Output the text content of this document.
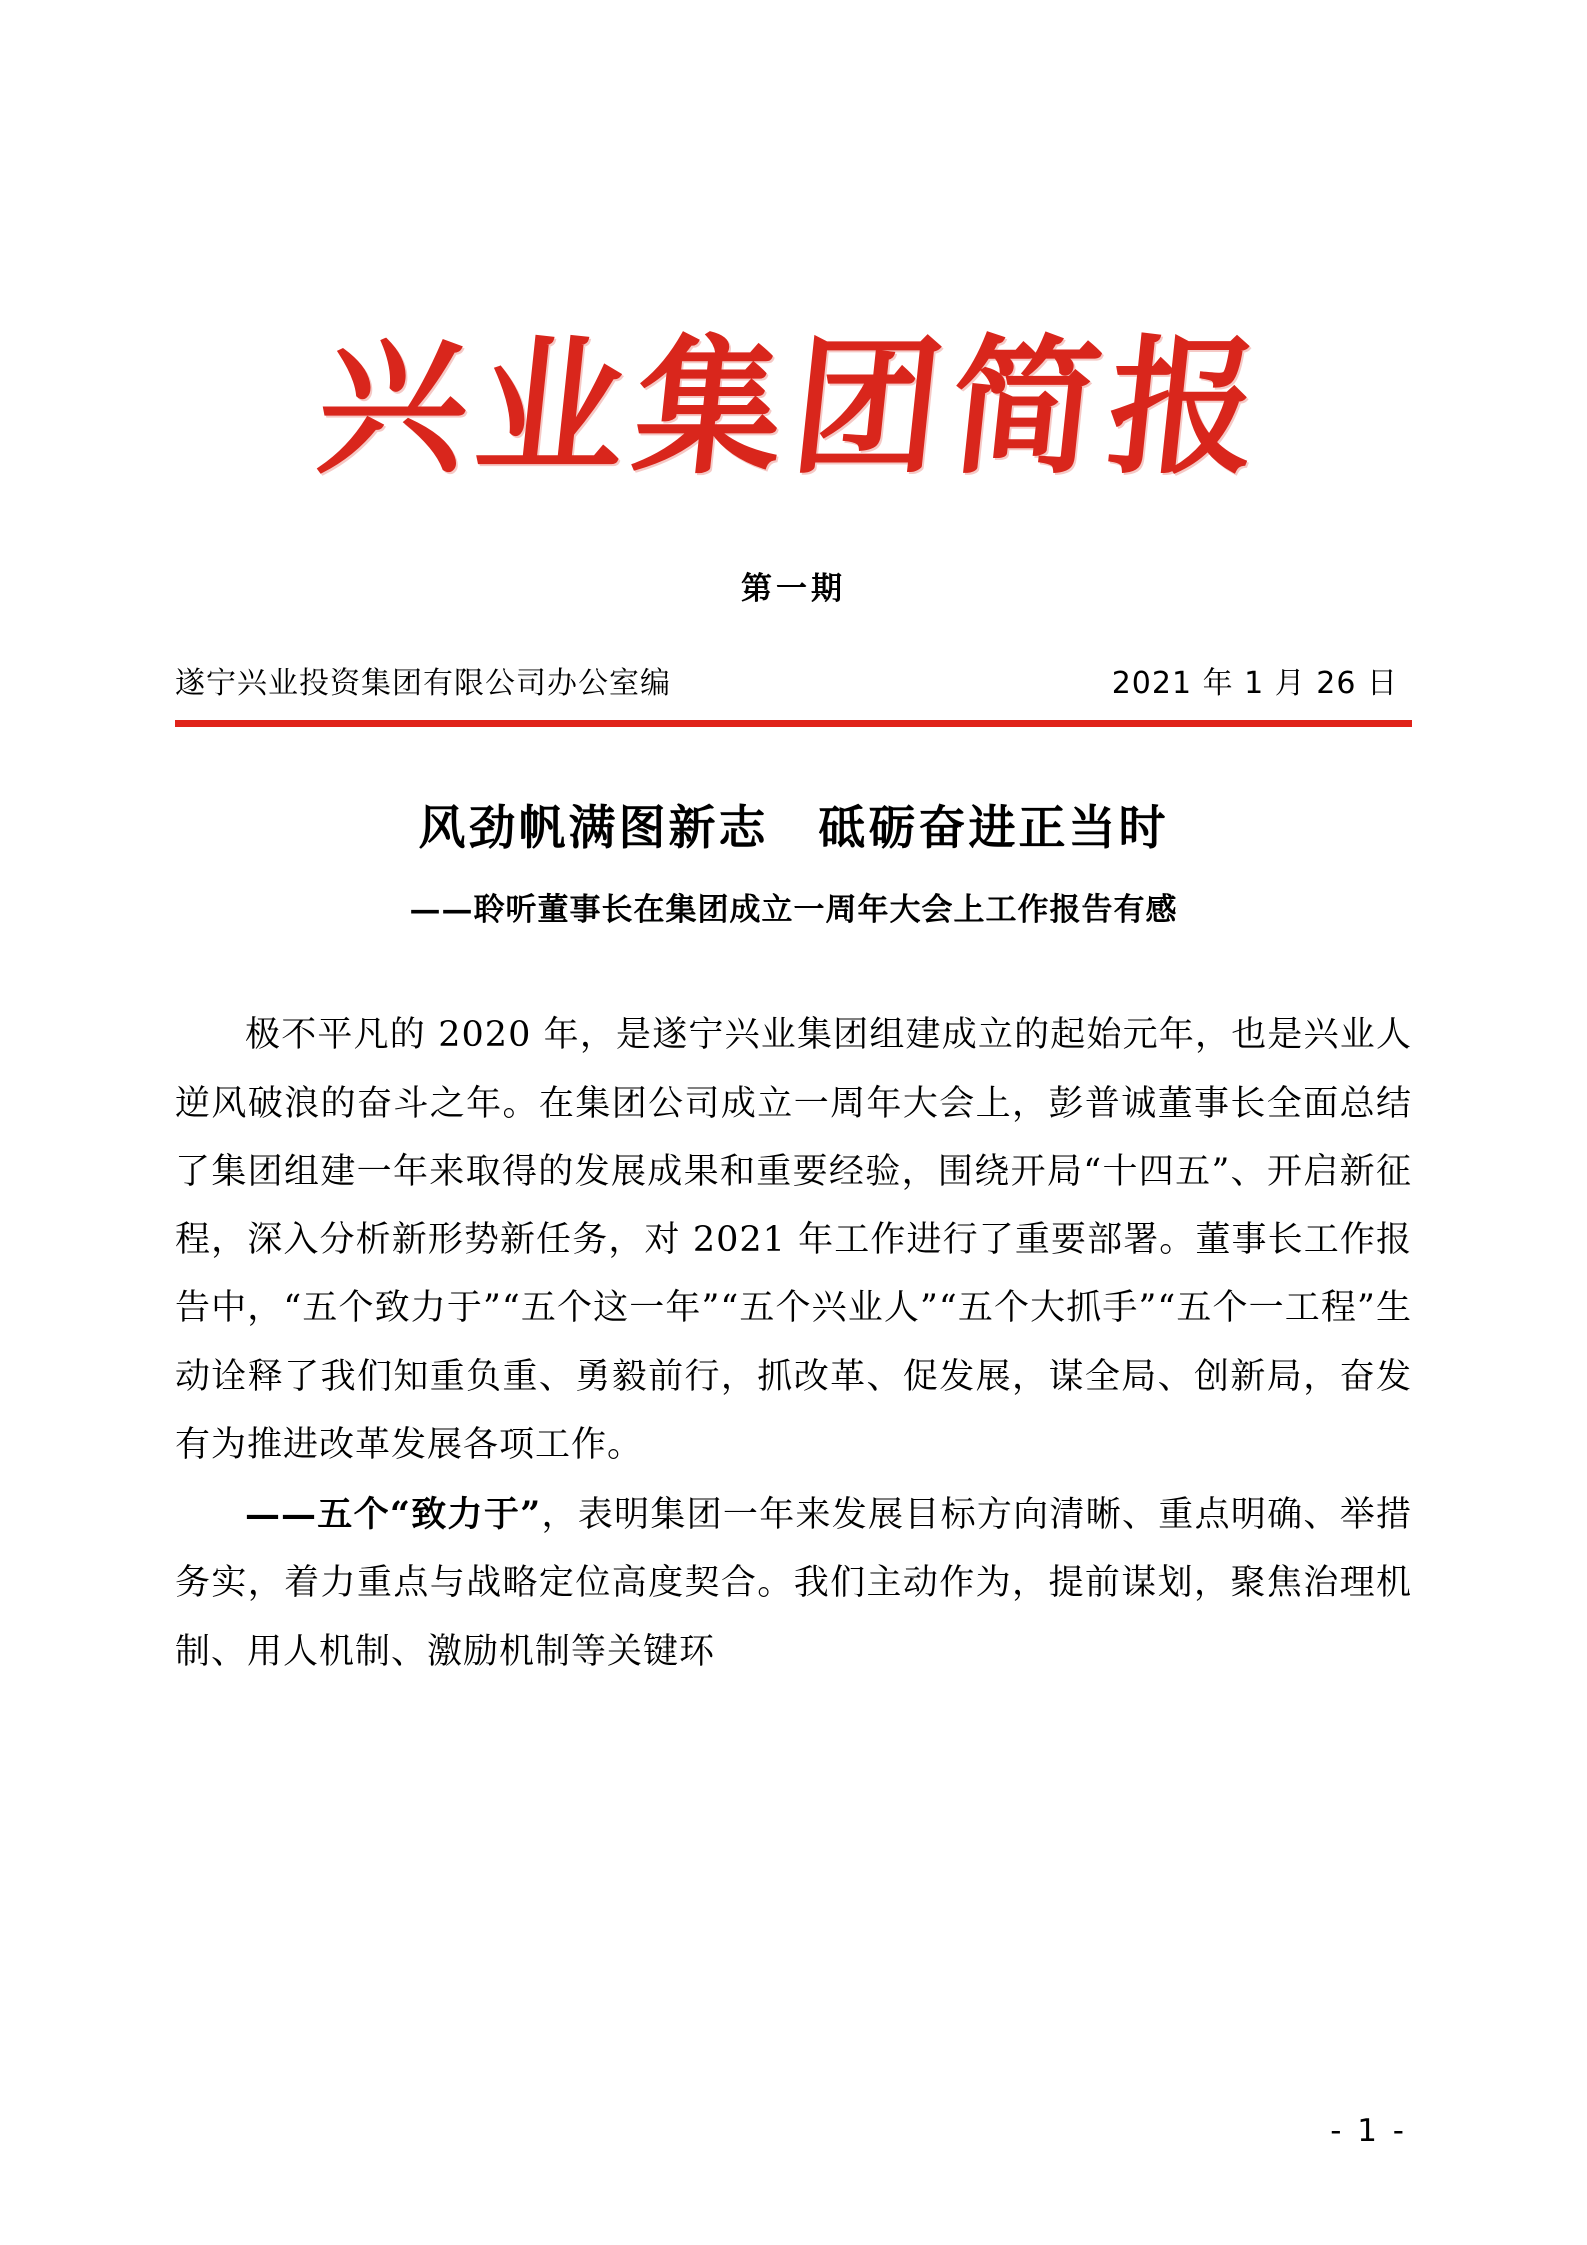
兴业集团简报
第一期
遂宁兴业投资集团有限公司办公室编	2021 年 1 月 26 日
风劲帆满图新志　砥砺奋进正当时
——聆听董事长在集团成立一周年大会上工作报告有感

极不平凡的 2020 年，是遂宁兴业集团组建成立的起始元年，也是兴业人逆风破浪的奋斗之年。在集团公司成立一周年大会上，彭普诚董事长全面总结了集团组建一年来取得的发展成果和重要经验，围绕开局“十四五”、开启新征程，深入分析新形势新任务，对 2021 年工作进行了重要部署。董事长工作报告中，“五个致力于”“五个这一年”“五个兴业人”“五个大抓手”“五个一工程”生动诠释了我们知重负重、勇毅前行，抓改革、促发展，谋全局、创新局，奋发有为推进改革发展各项工作。

——五个“致力于”，表明集团一年来发展目标方向清晰、重点明确、举措务实，着力重点与战略定位高度契合。我们主动作为，提前谋划，聚焦治理机制、用人机制、激励机制等关键环

- 1 -
